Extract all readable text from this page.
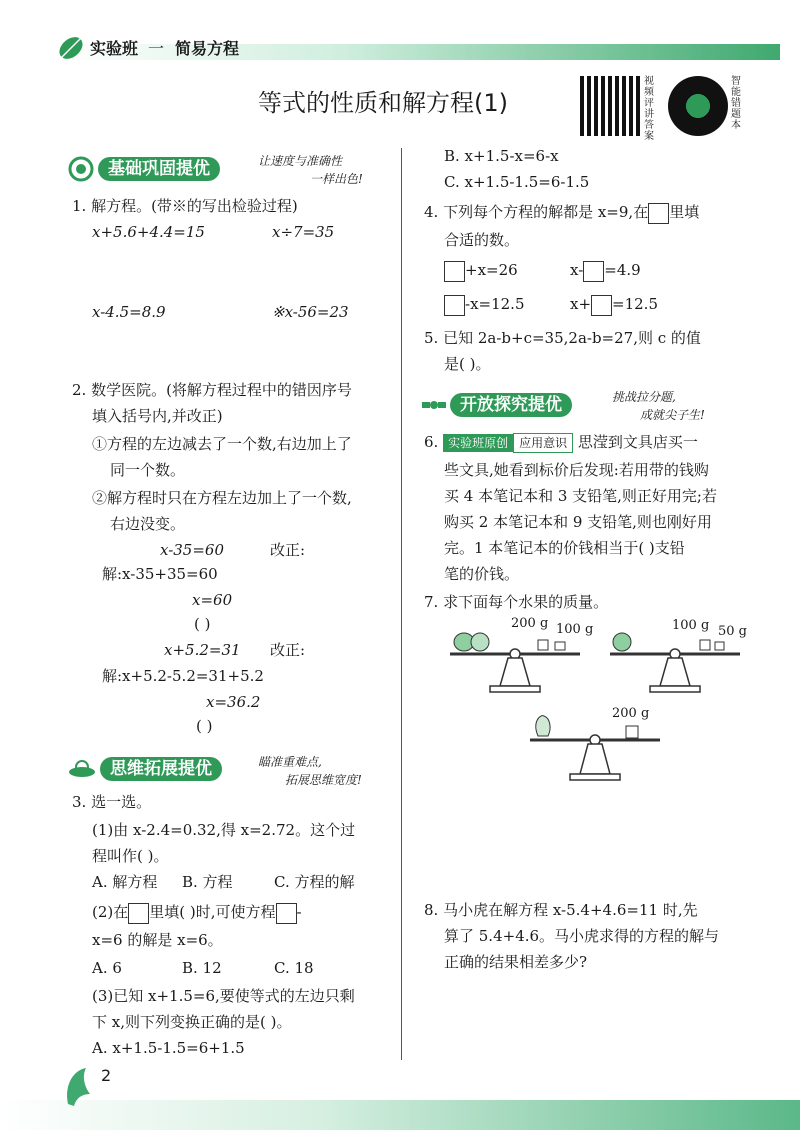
实验班 一 简易方程
等式的性质和解方程(1)
视频评讲答案
智能错题本
基础巩固提优	让速度与准确性
一样出色!
1. 解方程。(带※的写出检验过程)
x+5.6+4.4=15	x÷7=35
x-4.5=8.9	※x-56=23
2. 数学医院。(将解方程过程中的错因序号
填入括号内,并改正)
①方程的左边减去了一个数,右边加上了
同一个数。
②解方程时只在方程左边加上了一个数,
右边没变。
x-35=60	改正:
解:x-35+35=60
x=60
( )
x+5.2=31 改正:
解:x+5.2-5.2=31+5.2
x=36.2
( )
思维拓展提优	瞄准重难点,
拓展思维宽度!
3. 选一选。
(1)由 x-2.4=0.32,得 x=2.72。这个过
程叫作( )。
A. 解方程 B. 方程	C. 方程的解
(2)在 里填( )时,可使方程 -
x=6 的解是 x=6。
A. 6	B. 12	C. 18
(3)已知 x+1.5=6,要使等式的左边只剩
下 x,则下列变换正确的是( )。
A. x+1.5-1.5=6+1.5
B. x+1.5-x=6-x
C. x+1.5-1.5=6-1.5
4. 下列每个方程的解都是 x=9,在 里填
合适的数。
+x=26	x- =4.9
-x=12.5	x+ =12.5
5. 已知 2a-b+c=35,2a-b=27,则 c 的值
是( )。
开放探究提优	挑战拉分题,
成就尖子生!
6. 实验班原创 应用意识 思滢到文具店买一
些文具,她看到标价后发现:若用带的钱购
买 4 本笔记本和 3 支铅笔,则正好用完;若
购买 2 本笔记本和 9 支铅笔,则也刚好用
完。1 本笔记本的价钱相当于( )支铅
笔的价钱。
7. 求下面每个水果的质量。
200 g 100 g	100 g 50 g
200 g
8. 马小虎在解方程 x-5.4+4.6=11 时,先
算了 5.4+4.6。马小虎求得的方程的解与
正确的结果相差多少?
2
